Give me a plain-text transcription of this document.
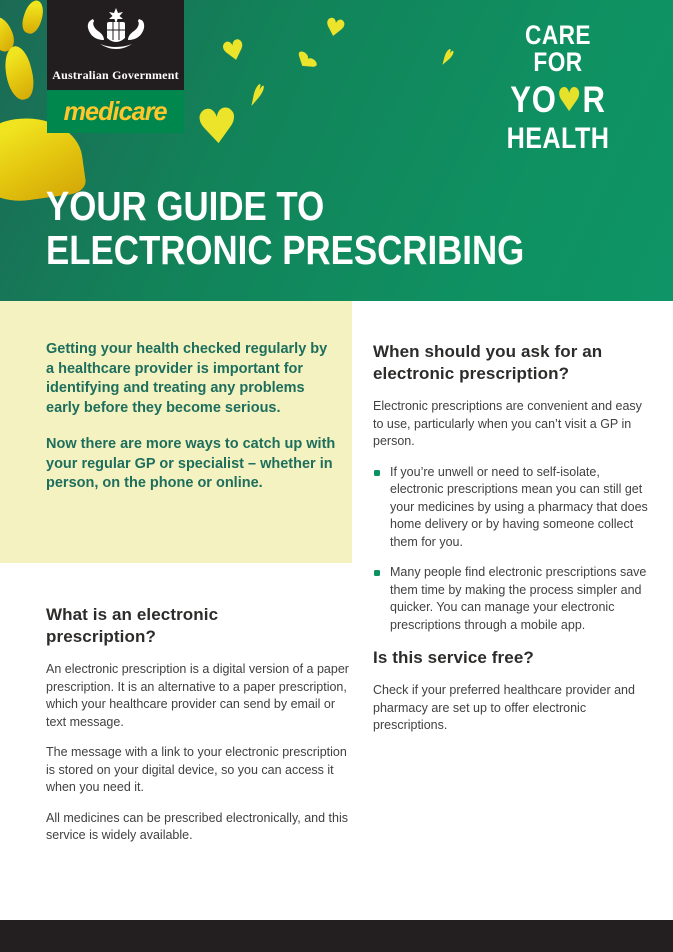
♥
♥ ♥
♥
♥
♥
Australian Government
medicare
CARE FOR
YO♥R
HEALTH
YOUR GUIDE TO
ELECTRONIC PRESCRIBING

Getting your health checked regularly by a healthcare provider is important for identifying and treating any problems early before they become serious.

Now there are more ways to catch up with your regular GP or specialist – whether in person, on the phone or online.

What is an electronic prescription?

An electronic prescription is a digital version of a paper prescription. It is an alternative to a paper prescription, which your healthcare provider can send by email or text message.

The message with a link to your electronic prescription is stored on your digital device, so you can access it when you need it.

All medicines can be prescribed electronically, and this service is widely available.

When should you ask for an electronic prescription?

Electronic prescriptions are convenient and easy to use, particularly when you can’t visit a GP in person.

If you’re unwell or need to self-isolate, electronic prescriptions mean you can still get your medicines by using a pharmacy that does home delivery or by having someone collect them for you.
Many people find electronic prescriptions save them time by making the process simpler and quicker. You can manage your electronic prescriptions through a mobile app.
Is this service free?

Check if your preferred healthcare provider and pharmacy are set up to offer electronic prescriptions.
